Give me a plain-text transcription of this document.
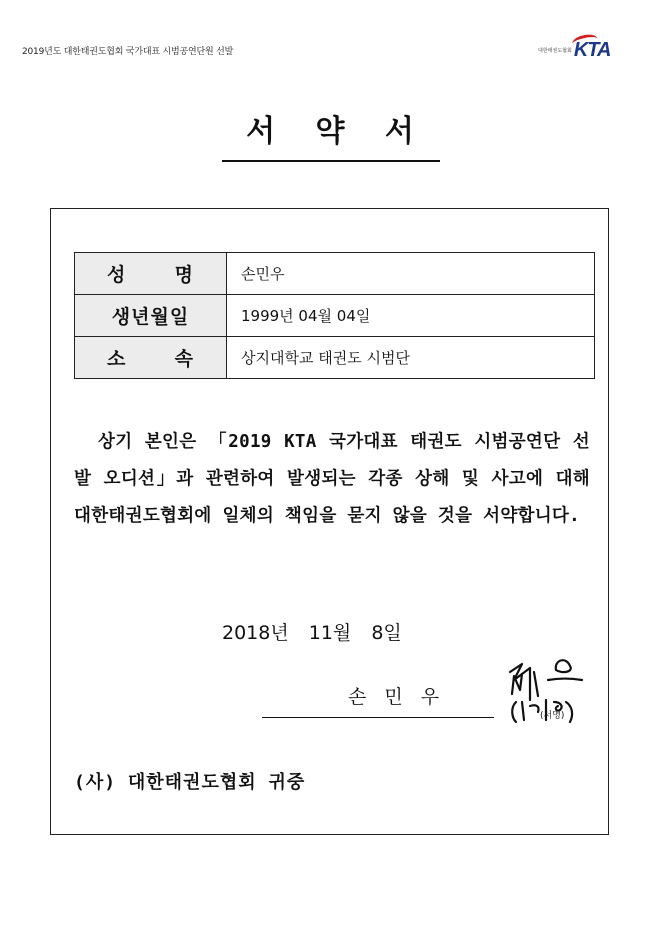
2019년도 대한태권도협회 국가대표 시범공연단원 선발	대한태권도협회 KTA
서 약 서
성 명	손민우
생년월일	1999년 04월 04일

소 속	상지대학교 태권도 시범단
상기 본인은 「2019 KTA 국가대표 태권도 시범공연단 선발 오디션」과 관련하여 발생되는 각종 상해 및 사고에 대해 대한태권도협회에 일체의 책임을 묻지 않을 것을 서약합니다.
2018년 11월 8일
손 민 우
(서명)
(사) 대한태권도협회 귀중
